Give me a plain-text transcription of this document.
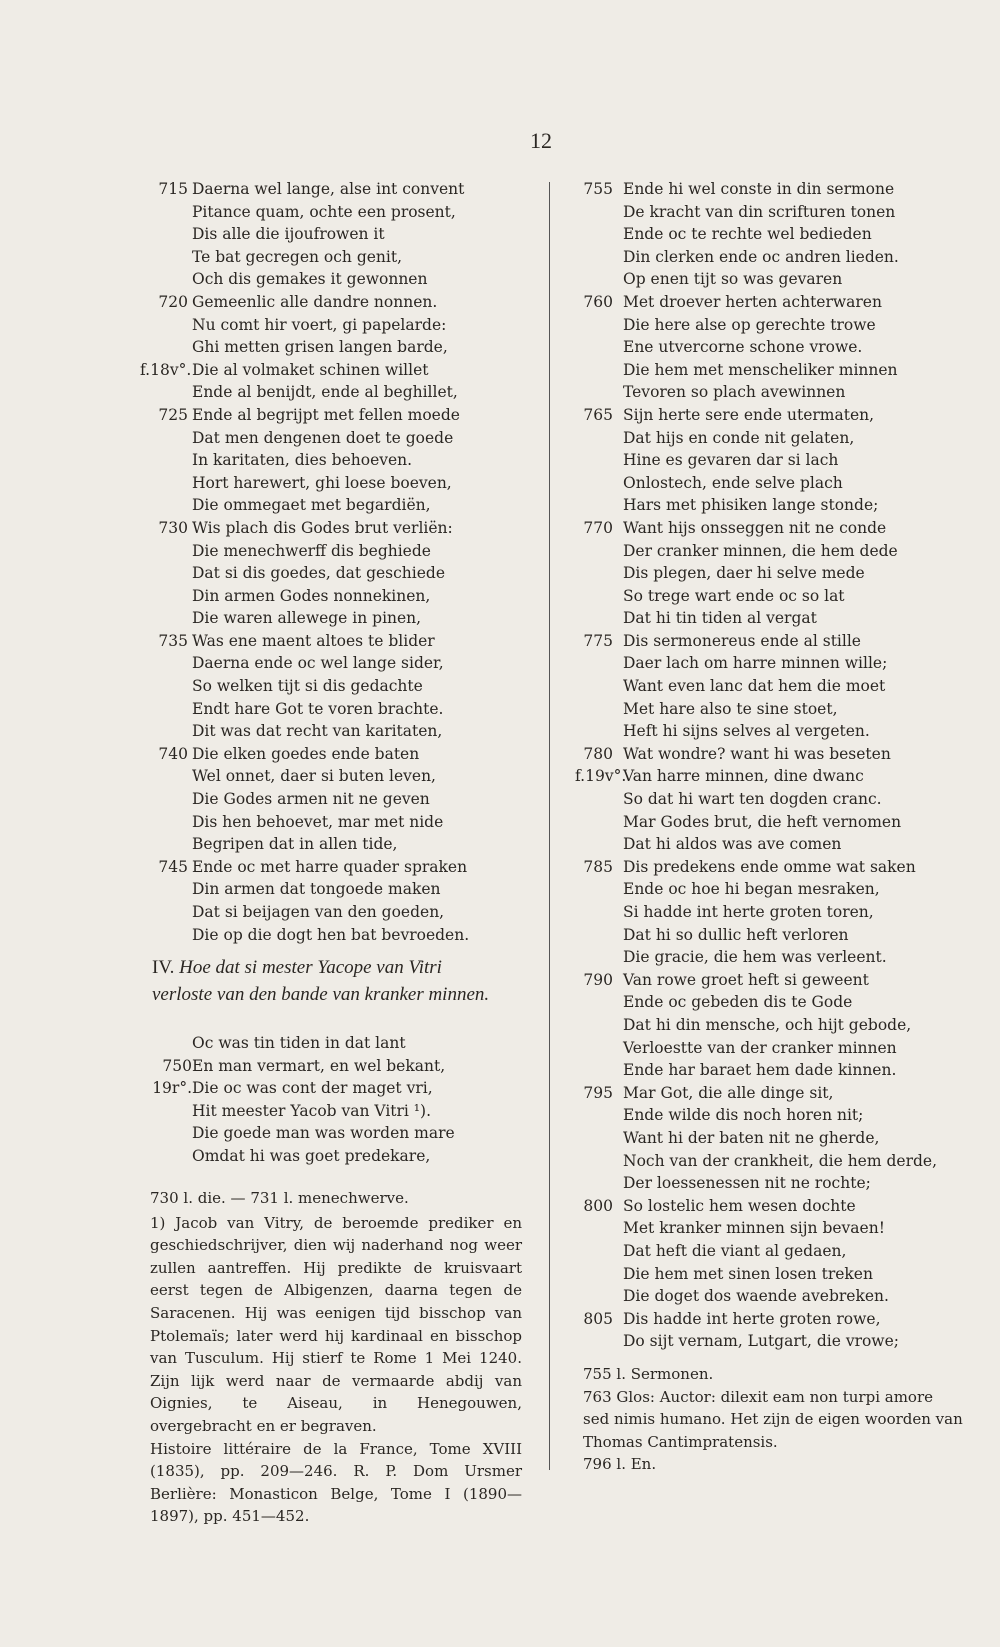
12
715 Daerna wel lange, alse int convent
Pitance quam, ochte een prosent,
Dis alle die ijoufrowen it
Te bat gecregen och genit,
Och dis gemakes it gewonnen
720 Gemeenlic alle dandre nonnen.
Nu comt hir voert, gi papelarde:
Ghi metten grisen langen barde,
f.18v°. Die al volmaket schinen willet
Ende al benijdt, ende al beghillet,
725 Ende al begrijpt met fellen moede
Dat men dengenen doet te goede
In karitaten, dies behoeven.
Hort harewert, ghi loese boeven,
Die ommegaet met begardiën,
730 Wis plach dis Godes brut verliën:
Die menechwerff dis beghiede
Dat si dis goedes, dat geschiede
Din armen Godes nonnekinen,
Die waren allewege in pinen,
735 Was ene maent altoes te blider
Daerna ende oc wel lange sider,
So welken tijt si dis gedachte
Endt hare Got te voren brachte.
Dit was dat recht van karitaten,
740 Die elken goedes ende baten
Wel onnet, daer si buten leven,
Die Godes armen nit ne geven
Dis hen behoevet, mar met nide
Begripen dat in allen tide,
745 Ende oc met harre quader spraken
Din armen dat tongoede maken
Dat si beijagen van den goeden,
Die op die dogt hen bat bevroeden.
IV. Hoe dat si mester Yacope van Vitri
verloste van den bande van kranker minnen.
Oc was tin tiden in dat lant
750 En man vermart, en wel bekant,
19r°. Die oc was cont der maget vri,
Hit meester Yacob van Vitri ¹).
Die goede man was worden mare
Omdat hi was goet predekare,

730 l. die. — 731 l. menechwerve.

1) Jacob van Vitry, de beroemde prediker en geschiedschrijver, dien wij naderhand nog weer zullen aantreffen. Hij predikte de kruisvaart eerst tegen de Albigenzen, daarna tegen de Saracenen. Hij was eenigen tijd bisschop van Ptolemaïs; later werd hij kardinaal en bisschop van Tusculum. Hij stierf te Rome 1 Mei 1240. Zijn lijk werd naar de vermaarde abdij van Oignies, te Aiseau, in Henegouwen, overgebracht en er begraven.

Histoire littéraire de la France, Tome XVIII (1835), pp. 209—246. R. P. Dom Ursmer Berlière: Monasticon Belge, Tome I (1890—1897), pp. 451—452.

755 Ende hi wel conste in din sermone
De kracht van din scrifturen tonen
Ende oc te rechte wel bedieden
Din clerken ende oc andren lieden.
Op enen tijt so was gevaren
760 Met droever herten achterwaren
Die here alse op gerechte trowe
Ene utvercorne schone vrowe.
Die hem met menscheliker minnen
Tevoren so plach avewinnen
765 Sijn herte sere ende utermaten,
Dat hijs en conde nit gelaten,
Hine es gevaren dar si lach
Onlostech, ende selve plach
Hars met phisiken lange stonde;
770 Want hijs onsseggen nit ne conde
Der cranker minnen, die hem dede
Dis plegen, daer hi selve mede
So trege wart ende oc so lat
Dat hi tin tiden al vergat
775 Dis sermonereus ende al stille
Daer lach om harre minnen wille;
Want even lanc dat hem die moet
Met hare also te sine stoet,
Heft hi sijns selves al vergeten.
780 Wat wondre? want hi was beseten
f.19v°.
Van harre minnen, dine dwanc
So dat hi wart ten dogden cranc.
Mar Godes brut, die heft vernomen
Dat hi aldos was ave comen
785 Dis predekens ende omme wat saken
Ende oc hoe hi began mesraken,
Si hadde int herte groten toren,
Dat hi so dullic heft verloren
Die gracie, die hem was verleent.
790 Van rowe groet heft si geweent
Ende oc gebeden dis te Gode
Dat hi din mensche, och hijt gebode,
Verloestte van der cranker minnen
Ende har baraet hem dade kinnen.
795 Mar Got, die alle dinge sit,
Ende wilde dis noch horen nit;
Want hi der baten nit ne gherde,
Noch van der crankheit, die hem derde,
Der loessenessen nit ne rochte;
800 So lostelic hem wesen dochte
Met kranker minnen sijn bevaen!
Dat heft die viant al gedaen,
Die hem met sinen losen treken
Die doget dos waende avebreken.
805 Dis hadde int herte groten rowe,
Do sijt vernam, Lutgart, die vrowe;

755 l. Sermonen.

763 Glos: Auctor: dilexit eam non turpi amore sed nimis humano. Het zijn de eigen woorden van Thomas Cantimpratensis.

796 l. En.
